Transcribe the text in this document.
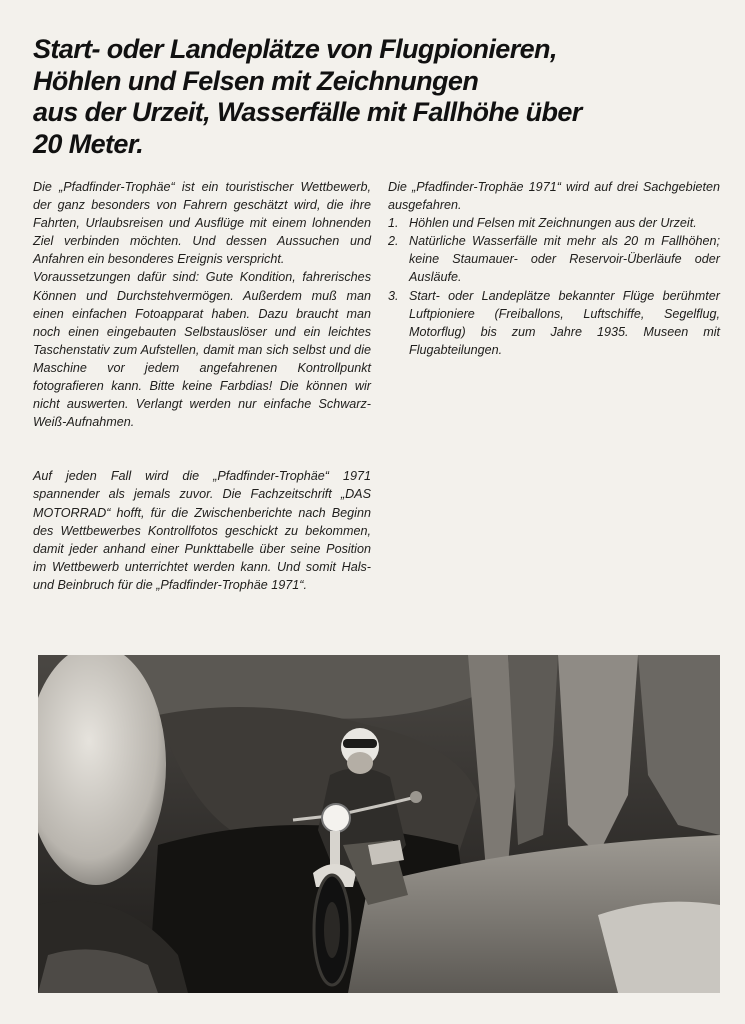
Start- oder Landeplätze von Flugpionieren,
Höhlen und Felsen mit Zeichnungen
aus der Urzeit, Wasserfälle mit Fallhöhe über
20 Meter.

Die „Pfadfinder-Trophäe“ ist ein touristischer Wettbewerb, der ganz besonders von Fahrern geschätzt wird, die ihre Fahrten, Urlaubsreisen und Ausflüge mit einem lohnenden Ziel verbinden möchten. Und dessen Aussuchen und Anfahren ein besonderes Ereignis verspricht.

Voraussetzungen dafür sind: Gute Kondition, fahrerisches Können und Durchstehvermögen. Außerdem muß man einen einfachen Fotoapparat haben. Dazu braucht man noch einen eingebauten Selbstauslöser und ein leichtes Taschenstativ zum Aufstellen, damit man sich selbst und die Maschine vor jedem angefahrenen Kontrollpunkt fotografieren kann. Bitte keine Farbdias! Die können wir nicht auswerten. Verlangt werden nur einfache Schwarz-Weiß-Aufnahmen.

Auf jeden Fall wird die „Pfadfinder-Trophäe“ 1971 spannender als jemals zuvor. Die Fachzeitschrift „DAS MOTORRAD“ hofft, für die Zwischenberichte nach Beginn des Wettbewerbes Kontrollfotos geschickt zu bekommen, damit jeder anhand einer Punkttabelle über seine Position im Wettbewerb unterrichtet werden kann. Und somit Hals- und Beinbruch für die „Pfadfinder-Trophäe 1971“.

Die „Pfadfinder-Trophäe 1971“ wird auf drei Sachgebieten ausgefahren.

1. Höhlen und Felsen mit Zeichnungen aus der Urzeit.
2. Natürliche Wasserfälle mit mehr als 20 m Fallhöhen; keine Staumauer- oder Reservoir-Überläufe oder Ausläufe.
3. Start- oder Landeplätze bekannter Flüge berühmter Luftpioniere (Freiballons, Luftschiffe, Segelflug, Motorflug) bis zum Jahre 1935. Museen mit Flugabteilungen.
